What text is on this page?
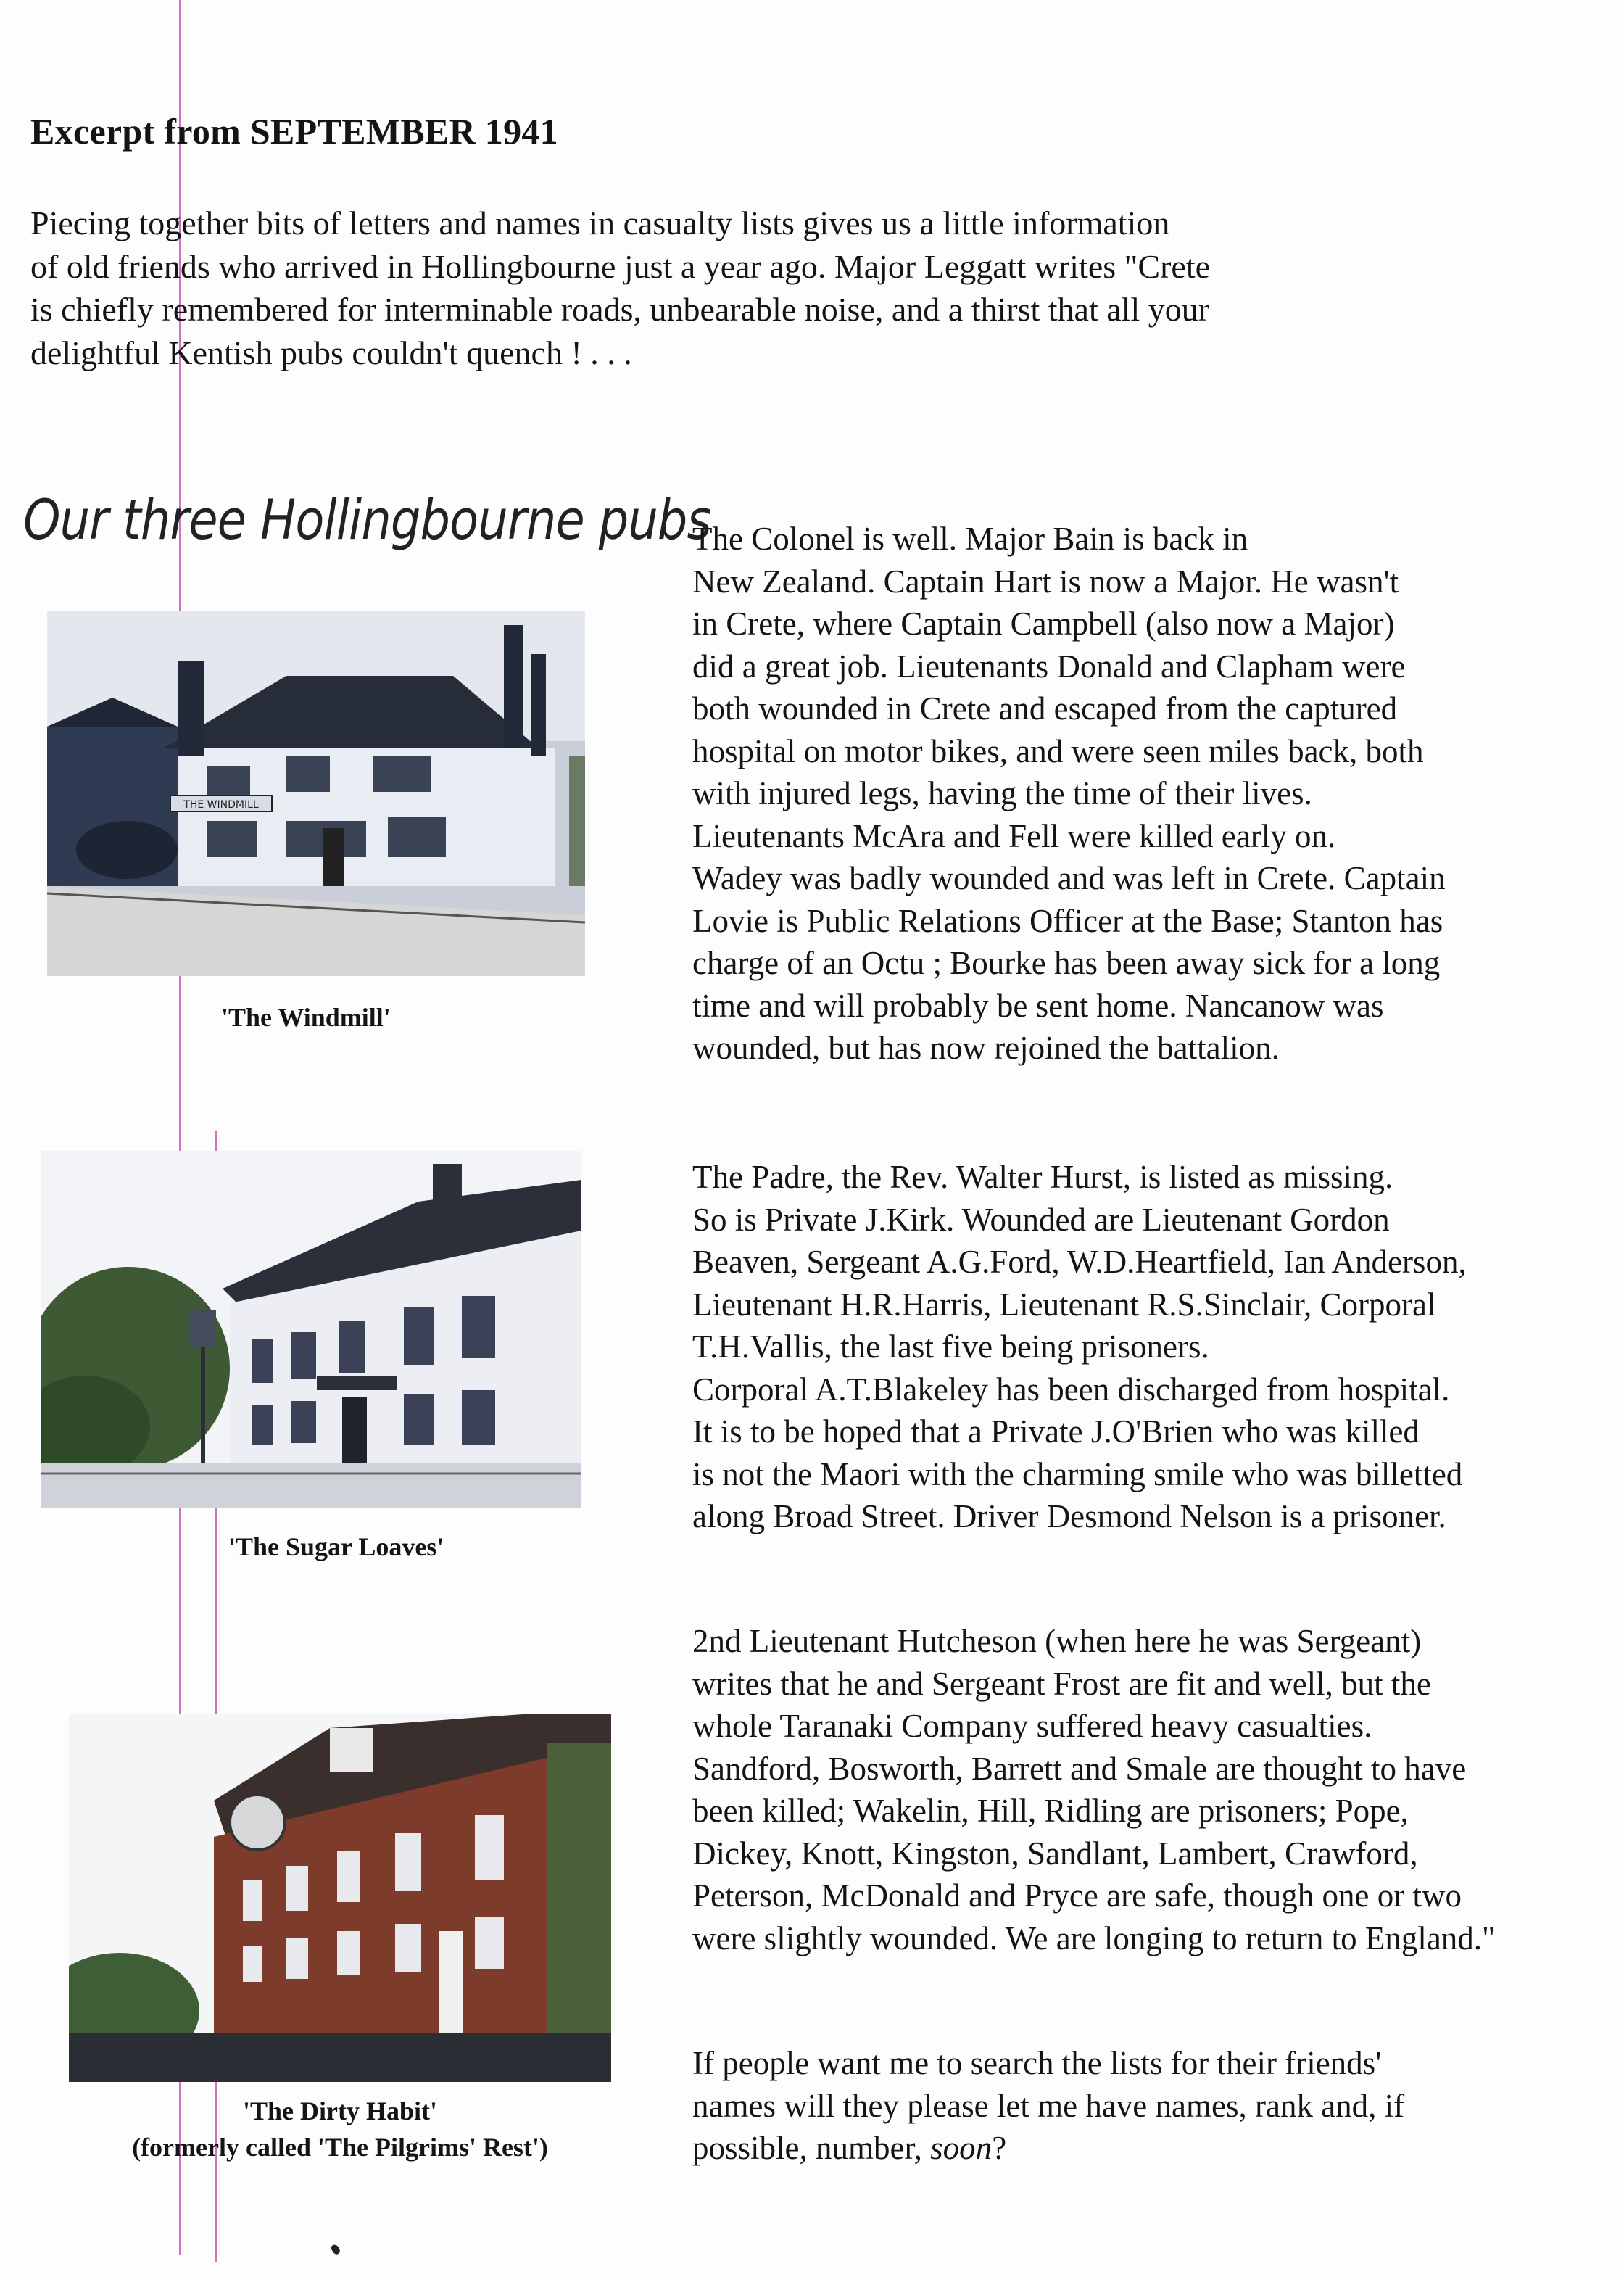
Excerpt from SEPTEMBER 1941
Piecing together bits of letters and names in casualty lists gives us a little information
of old friends who arrived in Hollingbourne just a year ago. Major Leggatt writes "Crete
is chiefly remembered for interminable roads, unbearable noise, and a thirst that all your
delightful Kentish pubs couldn't quench ! . . .
Our three Hollingbourne pubs
THE WINDMILL
'The Windmill'
'The Sugar Loaves'
'The Dirty Habit'
(formerly called 'The Pilgrims' Rest')
The Colonel is well. Major Bain is back in
New Zealand. Captain Hart is now a Major. He wasn't
in Crete, where Captain Campbell (also now a Major)
did a great job. Lieutenants Donald and Clapham were
both wounded in Crete and escaped from the captured
hospital on motor bikes, and were seen miles back, both
with injured legs, having the time of their lives.
Lieutenants McAra and Fell were killed early on.
Wadey was badly wounded and was left in Crete. Captain
Lovie is Public Relations Officer at the Base; Stanton has
charge of an Octu ; Bourke has been away sick for a long
time and will probably be sent home. Nancanow was
wounded, but has now rejoined the battalion.
The Padre, the Rev. Walter Hurst, is listed as missing.
So is Private J.Kirk. Wounded are Lieutenant Gordon
Beaven, Sergeant A.G.Ford, W.D.Heartfield, Ian Anderson,
Lieutenant H.R.Harris, Lieutenant R.S.Sinclair, Corporal
T.H.Vallis, the last five being prisoners.
Corporal A.T.Blakeley has been discharged from hospital.
It is to be hoped that a Private J.O'Brien who was killed
is not the Maori with the charming smile who was billetted
along Broad Street. Driver Desmond Nelson is a prisoner.
2nd Lieutenant Hutcheson (when here he was Sergeant)
writes that he and Sergeant Frost are fit and well, but the
whole Taranaki Company suffered heavy casualties.
Sandford, Bosworth, Barrett and Smale are thought to have
been killed; Wakelin, Hill, Ridling are prisoners; Pope,
Dickey, Knott, Kingston, Sandlant, Lambert, Crawford,
Peterson, McDonald and Pryce are safe, though one or two
were slightly wounded. We are longing to return to England."
If people want me to search the lists for their friends'
names will they please let me have names, rank and, if
possible, number, soon?
